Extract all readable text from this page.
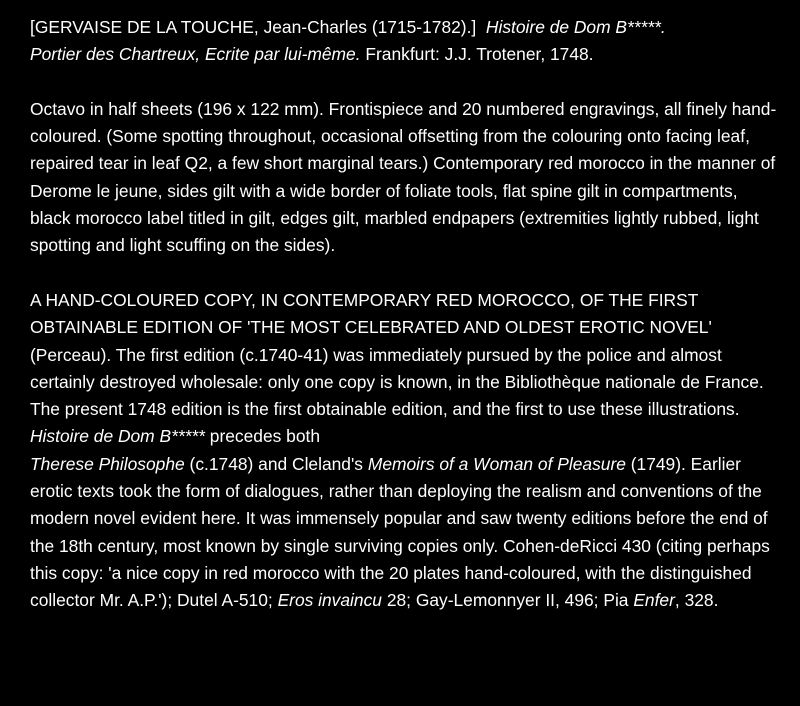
[GERVAISE DE LA TOUCHE, Jean-Charles (1715-1782).] Histoire de Dom B*****.
Portier des Chartreux, Ecrite par lui-même. Frankfurt: J.J. Trotener, 1748.

Octavo in half sheets (196 x 122 mm). Frontispiece and 20 numbered engravings, all finely hand-coloured. (Some spotting throughout, occasional offsetting from the colouring onto facing leaf, repaired tear in leaf Q2, a few short marginal tears.) Contemporary red morocco in the manner of Derome le jeune, sides gilt with a wide border of foliate tools, flat spine gilt in compartments, black morocco label titled in gilt, edges gilt, marbled endpapers (extremities lightly rubbed, light spotting and light scuffing on the sides).

A HAND-COLOURED COPY, IN CONTEMPORARY RED MOROCCO, OF THE FIRST OBTAINABLE EDITION OF 'THE MOST CELEBRATED AND OLDEST EROTIC NOVEL' (Perceau). The first edition (c.1740-41) was immediately pursued by the police and almost certainly destroyed wholesale: only one copy is known, in the Bibliothèque nationale de France. The present 1748 edition is the first obtainable edition, and the first to use these illustrations. Histoire de Dom B***** precedes both
Therese Philosophe (c.1748) and Cleland's Memoirs of a Woman of Pleasure (1749). Earlier erotic texts took the form of dialogues, rather than deploying the realism and conventions of the modern novel evident here. It was immensely popular and saw twenty editions before the end of the 18th century, most known by single surviving copies only. Cohen-deRicci 430 (citing perhaps this copy: 'a nice copy in red morocco with the 20 plates hand-coloured, with the distinguished collector Mr. A.P.'); Dutel A-510; Eros invaincu 28; Gay-Lemonnyer II, 496; Pia Enfer, 328.
